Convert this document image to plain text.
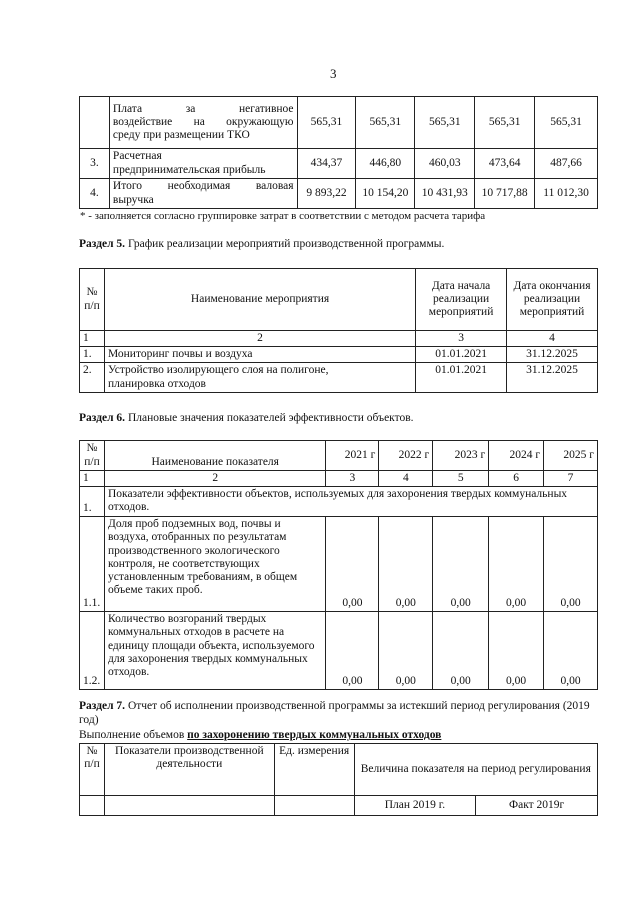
3

	Плата за негативное
воздействие на окружающую
среду при размещении ТКО	565,31	565,31	565,31	565,31	565,31
3.	Расчетная
предпринимательская прибыль	434,37	446,80	460,03	473,64	487,66
4.	Итого необходимая валовая
выручка	9 893,22	10 154,20	10 431,93	10 717,88	11 012,30
* - заполняется согласно группировке затрат в соответствии с методом расчета тарифа
Раздел 5. График реализации мероприятий производственной программы.
№ п/п	Наименование мероприятия	Дата начала реализации мероприятий	Дата окончания реализации мероприятий
1	2	3	4
1.	Мониторинг почвы и воздуха	01.01.2021	31.12.2025
2.	Устройство изолирующего слоя на полигоне,
планировка отходов	01.01.2021	31.12.2025
Раздел 6. Плановые значения показателей эффективности объектов.
№ п/п	Наименование показателя	2021 г	2022 г	2023 г	2024 г	2025 г
1	2	3	4	5	6	7
1.	Показатели эффективности объектов, используемых для захоронения твердых коммунальных отходов.					
1.1.	Доля проб подземных вод, почвы и воздуха, отобранных по результатам производственного экологического контроля, не соответствующих установленным требованиям, в общем объеме таких проб.	0,00	0,00	0,00	0,00	0,00
1.2.	Количество возгораний твердых коммунальных отходов в расчете на единицу площади объекта, используемого для захоронения твердых коммунальных отходов.	0,00	0,00	0,00	0,00	0,00
Раздел 7. Отчет об исполнении производственной программы за истекший период регулирования (2019 год)
Выполнение объемов по захоронению твердых коммунальных отходов
№ п/п	Показатели производственной деятельности	Ед. измерения	Величина показателя на период регулирования	
			План 2019 г.	Факт 2019г
